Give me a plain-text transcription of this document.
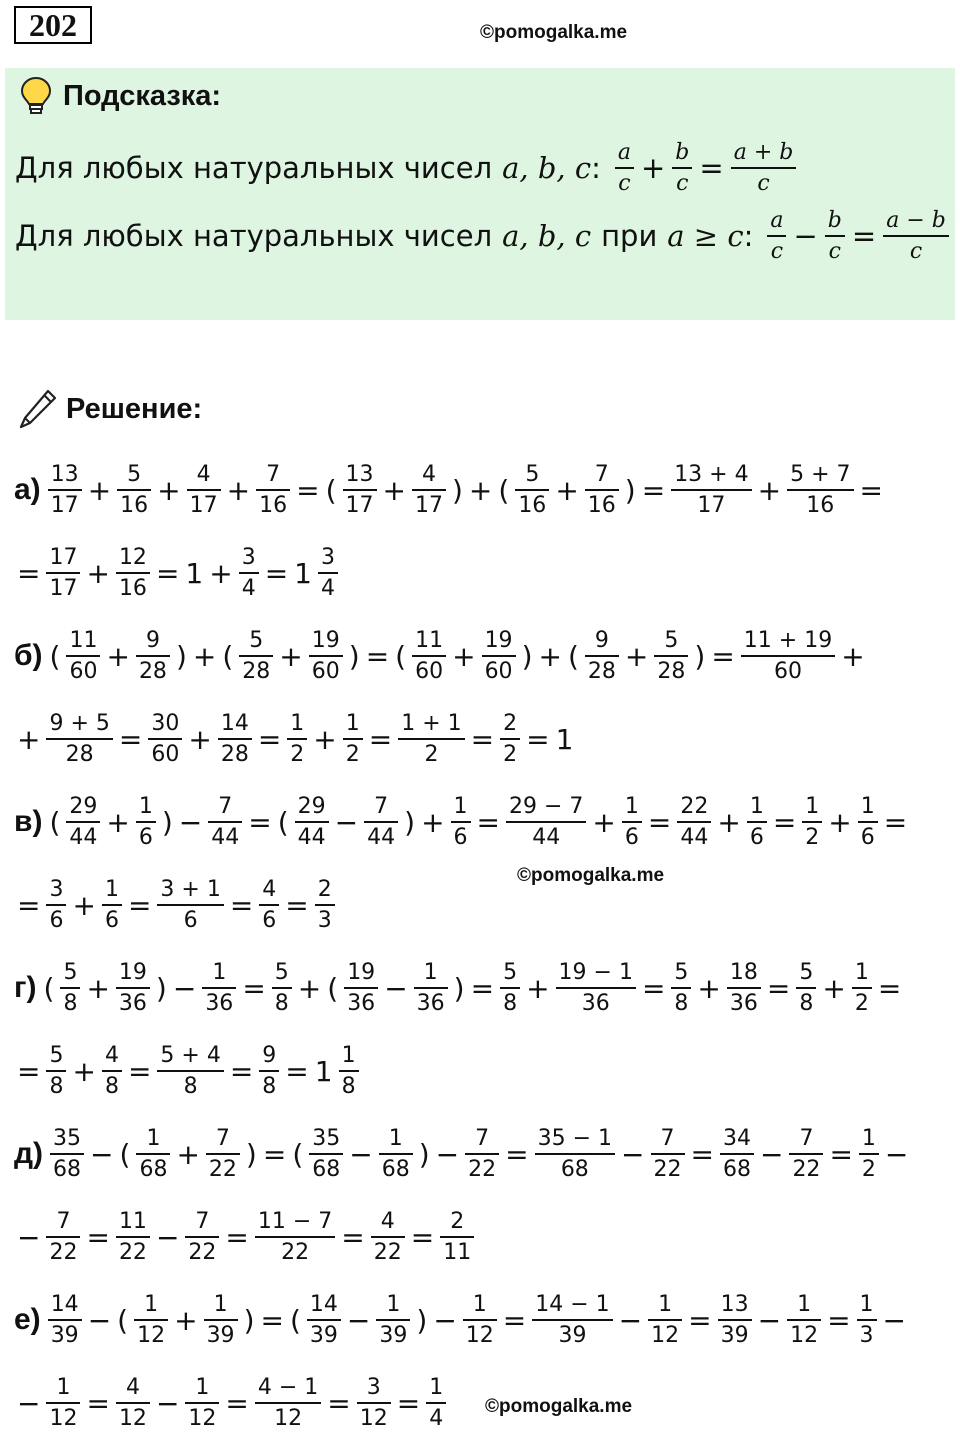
202	©pomogalka.me
Подсказка:
Для любых натуральных чисел a, b, c : a
$c + \frac{b}{c} = \frac{a + b}{c}$
Для любых натуральных чисел a, b, c при a ≥ c : a
$c - \frac{b}{c} = \frac{a - b}{c}$
Решение:
$а) \frac{13}{17} + \frac{5}{16} + \frac{4}{17} + \frac{7}{16}$ = ( $\frac{13}{17} + \frac{4}{17}$ ) + ( $\frac{5}{16} + \frac{7}{16}$ ) = $\frac{13 + 4}{17} + \frac{5 + 7}{16}$ =
= $\frac{17}{17} + \frac{12}{16} = 1 + \frac{3}{4} = 1 \frac{3}{4}$
б) ( $\frac{11}{60} + \frac{9}{28}$ ) + ( $\frac{5}{28} + \frac{19}{60}$ ) = ( $\frac{11}{60} + \frac{19}{60}$ ) + ( $\frac{9}{28} + \frac{5}{28}$ ) = $\frac{11 + 19}{60}$ +
+ $\frac{9 + 5}{28} = \frac{30}{60} + \frac{14}{28} = \frac{1}{2} + \frac{1}{2} = \frac{1 + 1}{2} = \frac{2}{2} = 1$
в) ( $\frac{29}{44} + \frac{1}{6}$ ) − $\frac{7}{44}$ = ( $\frac{29}{44} - \frac{7}{44}$ ) + $\frac{1}{6} = \frac{29 - 7}{44} + \frac{1}{6} = \frac{22}{44} + \frac{1}{6} = \frac{1}{2} + \frac{1}{6}$ =
= $\frac{3}{6} + \frac{1}{6} = \frac{3 + 1}{6} = \frac{4}{6} = \frac{2}{3}$
г) ( $\frac{5}{8} + \frac{19}{36}$ ) − $\frac{1}{36} = \frac{5}{8}$ + ( $\frac{19}{36} - \frac{1}{36}$ ) = $\frac{5}{8} + \frac{19 - 1}{36} = \frac{5}{8} + \frac{18}{36} = \frac{5}{8} + \frac{1}{2}$ =
= $\frac{5}{8} + \frac{4}{8} = \frac{5 + 4}{8} = \frac{9}{8} = 1 \frac{1}{8}$
$д) \frac{35}{68}$ − ( $\frac{1}{68} + \frac{7}{22}$ ) = ( $\frac{35}{68} - \frac{1}{68}$ ) − $\frac{7}{22} = \frac{35 - 1}{68} - \frac{7}{22} = \frac{34}{68} - \frac{7}{22} = \frac{1}{2}$ −
− $\frac{7}{22} = \frac{11}{22} - \frac{7}{22} = \frac{11 - 7}{22} = \frac{4}{22} = \frac{2}{11}$
$е) \frac{14}{39}$ − ( $\frac{1}{12} + \frac{1}{39}$ ) = ( $\frac{14}{39} - \frac{1}{39}$ ) − $\frac{1}{12} = \frac{14 - 1}{39} - \frac{1}{12} = \frac{13}{39} - \frac{1}{12} = \frac{1}{3}$ −
− $\frac{1}{12} = \frac{4}{12} - \frac{1}{12} = \frac{4 - 1}{12} = \frac{3}{12} = \frac{1}{4}$
©pomogalka.me
©pomogalka.me
